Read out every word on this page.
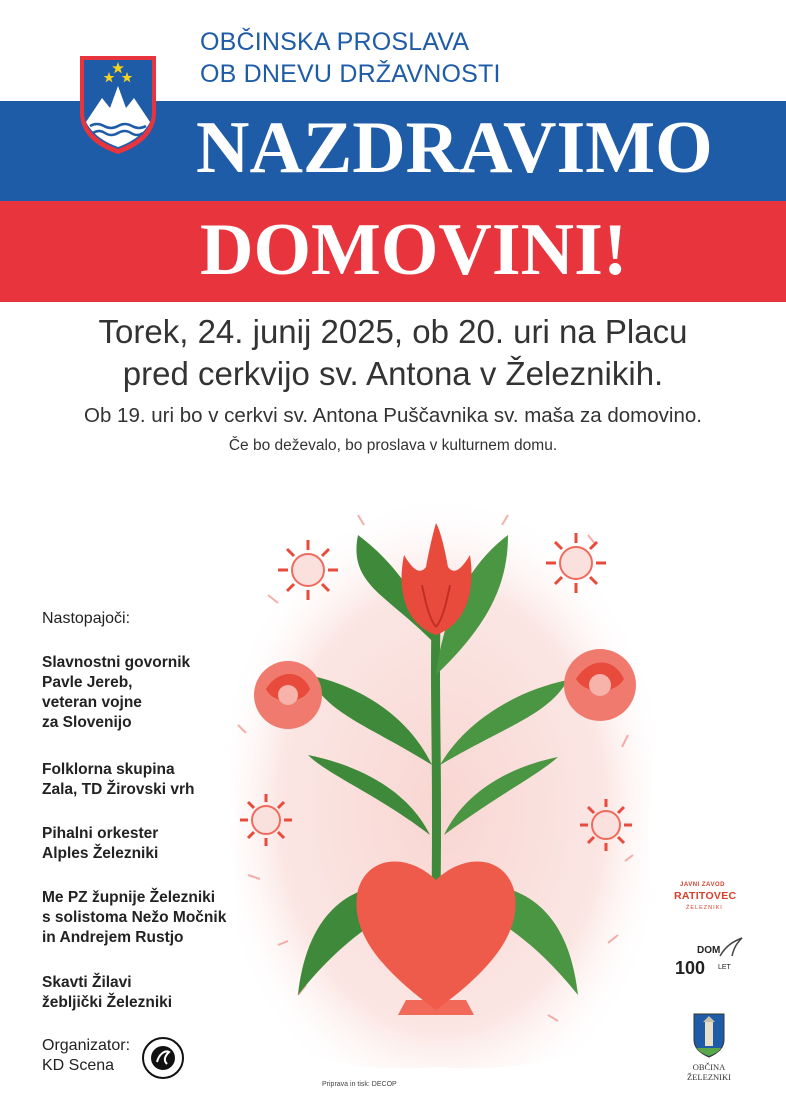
OBČINSKA PROSLAVA
OB DNEVU DRŽAVNOSTI
NAZDRAVIMO
DOMOVINI!
Torek, 24. junij 2025, ob 20. uri na Placu
pred cerkvijo sv. Antona v Železnikih.
Ob 19. uri bo v cerkvi sv. Antona Puščavnika sv. maša za domovino.
Če bo deževalo, bo proslava v kulturnem domu.
Nastopajoči:
Slavnostni govornik
Pavle Jereb,
veteran vojne
za Slovenijo
Folklorna skupina
Zala, TD Žirovski vrh
Pihalni orkester
Alples Železniki
Me PZ župnije Železniki
s solistoma Nežo Močnik
in Andrejem Rustjo
Skavti Žilavi
žebljički Železniki
Organizator:
KD Scena
Priprava in tisk: DECOP
JAVNI ZAVOD
RATITOVEC
ŽELEZNIKI
DOM
100 LET
OBČINA
ŽELEZNIKI
